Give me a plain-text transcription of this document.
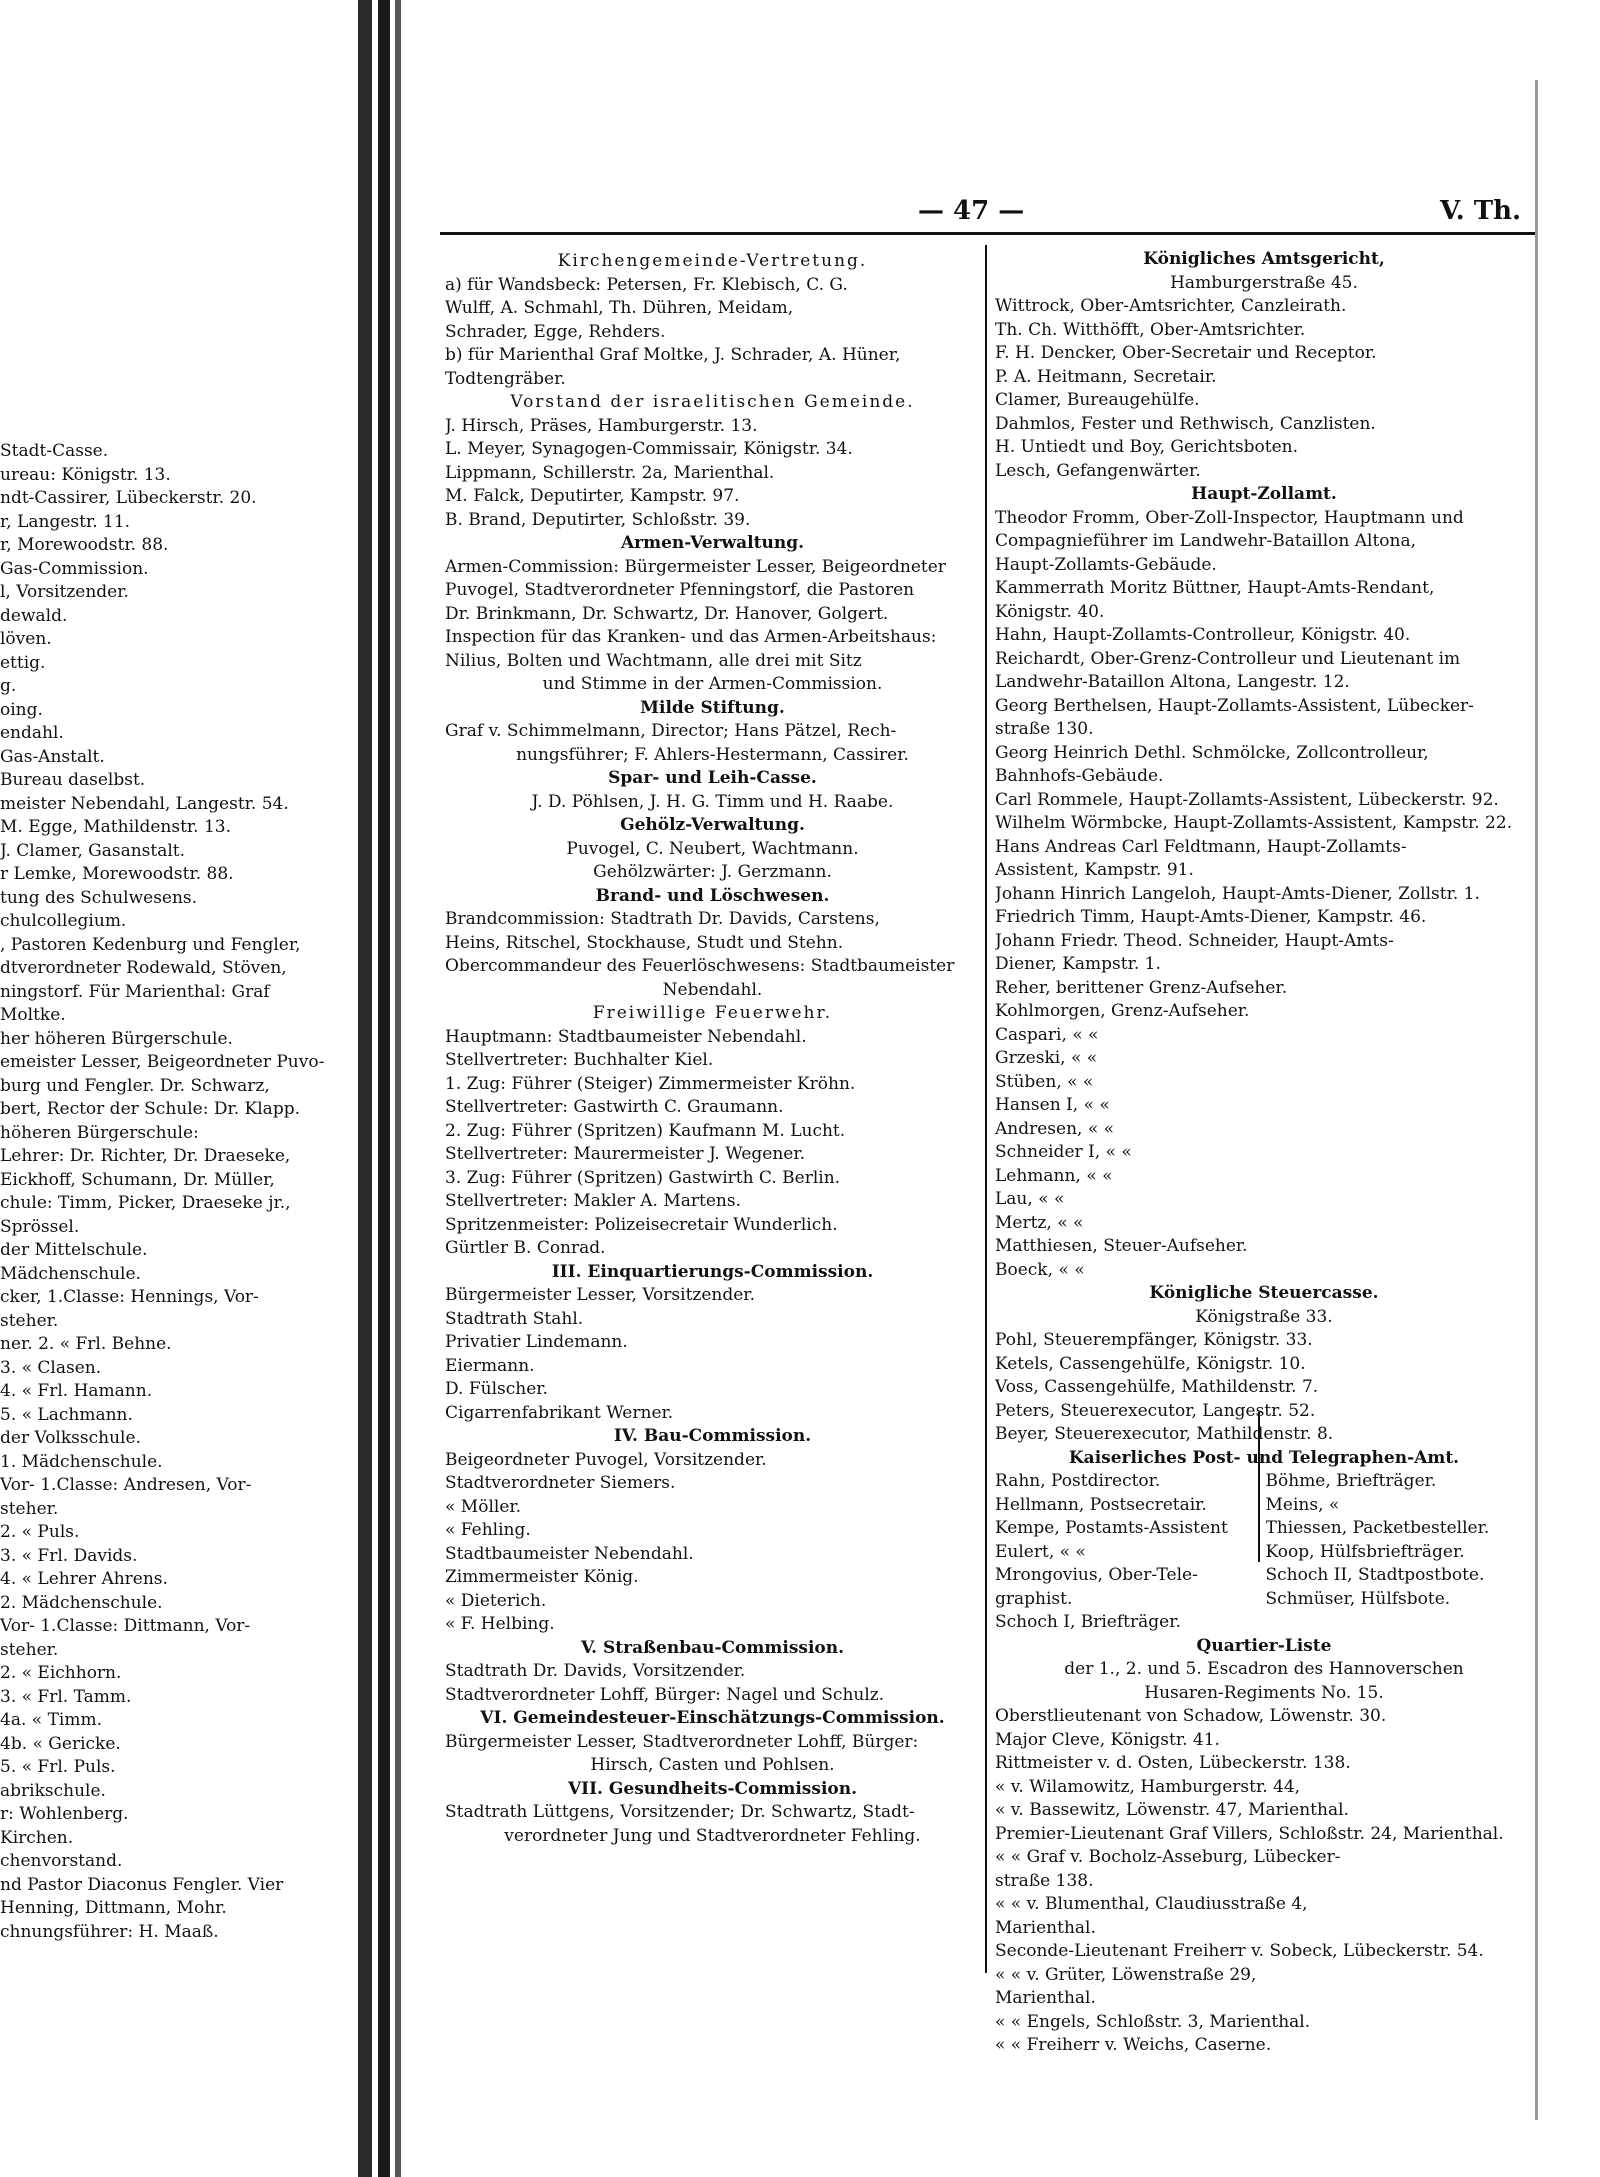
— 47 —	V. Th.
Stadt-Casse.
ureau: Königstr. 13.
ndt-Cassirer, Lübeckerstr. 20.
r, Langestr. 11.
r, Morewoodstr. 88.
Gas-Commission.
l, Vorsitzender.
dewald.
löven.
ettig.
g.
oing.
endahl.
Gas-Anstalt.
Bureau daselbst.
meister Nebendahl, Langestr. 54.
M. Egge, Mathildenstr. 13.
J. Clamer, Gasanstalt.
r Lemke, Morewoodstr. 88.
tung des Schulwesens.
chulcollegium.
, Pastoren Kedenburg und Fengler,
dtverordneter Rodewald, Stöven,
ningstorf. Für Marienthal: Graf
Moltke.
her höheren Bürgerschule.
emeister Lesser, Beigeordneter Puvo-
burg und Fengler. Dr. Schwarz,
bert, Rector der Schule: Dr. Klapp.
höheren Bürgerschule:
Lehrer: Dr. Richter, Dr. Draeseke,
Eickhoff, Schumann, Dr. Müller,
chule: Timm, Picker, Draeseke jr.,
Sprössel.
der Mittelschule.
Mädchenschule.
cker, 1.Classe: Hennings, Vor-
steher.
ner. 2. « Frl. Behne.
3. « Clasen.
4. « Frl. Hamann.
5. « Lachmann.
der Volksschule.
1. Mädchenschule.
Vor- 1.Classe: Andresen, Vor-
steher.
2. « Puls.
3. « Frl. Davids.
4. « Lehrer Ahrens.
2. Mädchenschule.
Vor- 1.Classe: Dittmann, Vor-
steher.
2. « Eichhorn.
3. « Frl. Tamm.
4a. « Timm.
4b. « Gericke.
5. « Frl. Puls.
abrikschule.
r: Wohlenberg.
Kirchen.
chenvorstand.
nd Pastor Diaconus Fengler. Vier
Henning, Dittmann, Mohr.
chnungsführer: H. Maaß.
Kirchengemeinde-Vertretung.
a) für Wandsbeck: Petersen, Fr. Klebisch, C. G.
Wulff, A. Schmahl, Th. Dühren, Meidam,
Schrader, Egge, Rehders.
b) für Marienthal Graf Moltke, J. Schrader, A. Hüner,
Todtengräber.
Vorstand der israelitischen Gemeinde.
J. Hirsch, Präses, Hamburgerstr. 13.
L. Meyer, Synagogen-Commissair, Königstr. 34.
Lippmann, Schillerstr. 2a, Marienthal.
M. Falck, Deputirter, Kampstr. 97.
B. Brand, Deputirter, Schloßstr. 39.
Armen-Verwaltung.
Armen-Commission: Bürgermeister Lesser, Beigeordneter
Puvogel, Stadtverordneter Pfenningstorf, die Pastoren
Dr. Brinkmann, Dr. Schwartz, Dr. Hanover, Golgert.
Inspection für das Kranken- und das Armen-Arbeitshaus:
Nilius, Bolten und Wachtmann, alle drei mit Sitz
und Stimme in der Armen-Commission.
Milde Stiftung.
Graf v. Schimmelmann, Director; Hans Pätzel, Rech-
nungsführer; F. Ahlers-Hestermann, Cassirer.
Spar- und Leih-Casse.
J. D. Pöhlsen, J. H. G. Timm und H. Raabe.
Gehölz-Verwaltung.
Puvogel, C. Neubert, Wachtmann.
Gehölzwärter: J. Gerzmann.
Brand- und Löschwesen.
Brandcommission: Stadtrath Dr. Davids, Carstens,
Heins, Ritschel, Stockhause, Studt und Stehn.
Obercommandeur des Feuerlöschwesens: Stadtbaumeister
Nebendahl.
Freiwillige Feuerwehr.
Hauptmann: Stadtbaumeister Nebendahl.
Stellvertreter: Buchhalter Kiel.
1. Zug: Führer (Steiger) Zimmermeister Kröhn.
Stellvertreter: Gastwirth C. Graumann.
2. Zug: Führer (Spritzen) Kaufmann M. Lucht.
Stellvertreter: Maurermeister J. Wegener.
3. Zug: Führer (Spritzen) Gastwirth C. Berlin.
Stellvertreter: Makler A. Martens.
Spritzenmeister: Polizeisecretair Wunderlich.
Gürtler B. Conrad.
III. Einquartierungs-Commission.
Bürgermeister Lesser, Vorsitzender.
Stadtrath Stahl.
Privatier Lindemann.
Eiermann.
D. Fülscher.
Cigarrenfabrikant Werner.
IV. Bau-Commission.
Beigeordneter Puvogel, Vorsitzender.
Stadtverordneter Siemers.
« Möller.
« Fehling.
Stadtbaumeister Nebendahl.
Zimmermeister König.
« Dieterich.
« F. Helbing.
V. Straßenbau-Commission.
Stadtrath Dr. Davids, Vorsitzender.
Stadtverordneter Lohff, Bürger: Nagel und Schulz.
VI. Gemeindesteuer-Einschätzungs-Commission.
Bürgermeister Lesser, Stadtverordneter Lohff, Bürger:
Hirsch, Casten und Pohlsen.
VII. Gesundheits-Commission.
Stadtrath Lüttgens, Vorsitzender; Dr. Schwartz, Stadt-
verordneter Jung und Stadtverordneter Fehling.
Königliches Amtsgericht,
Hamburgerstraße 45.
Wittrock, Ober-Amtsrichter, Canzleirath.
Th. Ch. Witthöfft, Ober-Amtsrichter.
F. H. Dencker, Ober-Secretair und Receptor.
P. A. Heitmann, Secretair.
Clamer, Bureaugehülfe.
Dahmlos, Fester und Rethwisch, Canzlisten.
H. Untiedt und Boy, Gerichtsboten.
Lesch, Gefangenwärter.
Haupt-Zollamt.
Theodor Fromm, Ober-Zoll-Inspector, Hauptmann und
Compagnieführer im Landwehr-Bataillon Altona,
Haupt-Zollamts-Gebäude.
Kammerrath Moritz Büttner, Haupt-Amts-Rendant,
Königstr. 40.
Hahn, Haupt-Zollamts-Controlleur, Königstr. 40.
Reichardt, Ober-Grenz-Controlleur und Lieutenant im
Landwehr-Bataillon Altona, Langestr. 12.
Georg Berthelsen, Haupt-Zollamts-Assistent, Lübecker-
straße 130.
Georg Heinrich Dethl. Schmölcke, Zollcontrolleur,
Bahnhofs-Gebäude.
Carl Rommele, Haupt-Zollamts-Assistent, Lübeckerstr. 92.
Wilhelm Wörmbcke, Haupt-Zollamts-Assistent, Kampstr. 22.
Hans Andreas Carl Feldtmann, Haupt-Zollamts-
Assistent, Kampstr. 91.
Johann Hinrich Langeloh, Haupt-Amts-Diener, Zollstr. 1.
Friedrich Timm, Haupt-Amts-Diener, Kampstr. 46.
Johann Friedr. Theod. Schneider, Haupt-Amts-
Diener, Kampstr. 1.
Reher, berittener Grenz-Aufseher.
Kohlmorgen, Grenz-Aufseher.
Caspari, « «
Grzeski, « «
Stüben, « «
Hansen I, « «
Andresen, « «
Schneider I, « «
Lehmann, « «
Lau, « «
Mertz, « «
Matthiesen, Steuer-Aufseher.
Boeck, « «
Königliche Steuercasse.
Königstraße 33.
Pohl, Steuerempfänger, Königstr. 33.
Ketels, Cassengehülfe, Königstr. 10.
Voss, Cassengehülfe, Mathildenstr. 7.
Peters, Steuerexecutor, Langestr. 52.
Beyer, Steuerexecutor, Mathildenstr. 8.
Kaiserliches Post- und Telegraphen-Amt.
Rahn, Postdirector.
Hellmann, Postsecretair.
Kempe, Postamts-Assistent
Eulert, « «
Mrongovius, Ober-Tele-
graphist.
Schoch I, Briefträger.
Böhme, Briefträger.
Meins, «
Thiessen, Packetbesteller.
Koop, Hülfsbriefträger.
Schoch II, Stadtpostbote.
Schmüser, Hülfsbote.
Quartier-Liste
der 1., 2. und 5. Escadron des Hannoverschen
Husaren-Regiments No. 15.
Oberstlieutenant von Schadow, Löwenstr. 30.
Major Cleve, Königstr. 41.
Rittmeister v. d. Osten, Lübeckerstr. 138.
« v. Wilamowitz, Hamburgerstr. 44,
« v. Bassewitz, Löwenstr. 47, Marienthal.
Premier-Lieutenant Graf Villers, Schloßstr. 24, Marienthal.
« « Graf v. Bocholz-Asseburg, Lübecker-
straße 138.
« « v. Blumenthal, Claudiusstraße 4,
Marienthal.
Seconde-Lieutenant Freiherr v. Sobeck, Lübeckerstr. 54.
« « v. Grüter, Löwenstraße 29,
Marienthal.
« « Engels, Schloßstr. 3, Marienthal.
« « Freiherr v. Weichs, Caserne.
